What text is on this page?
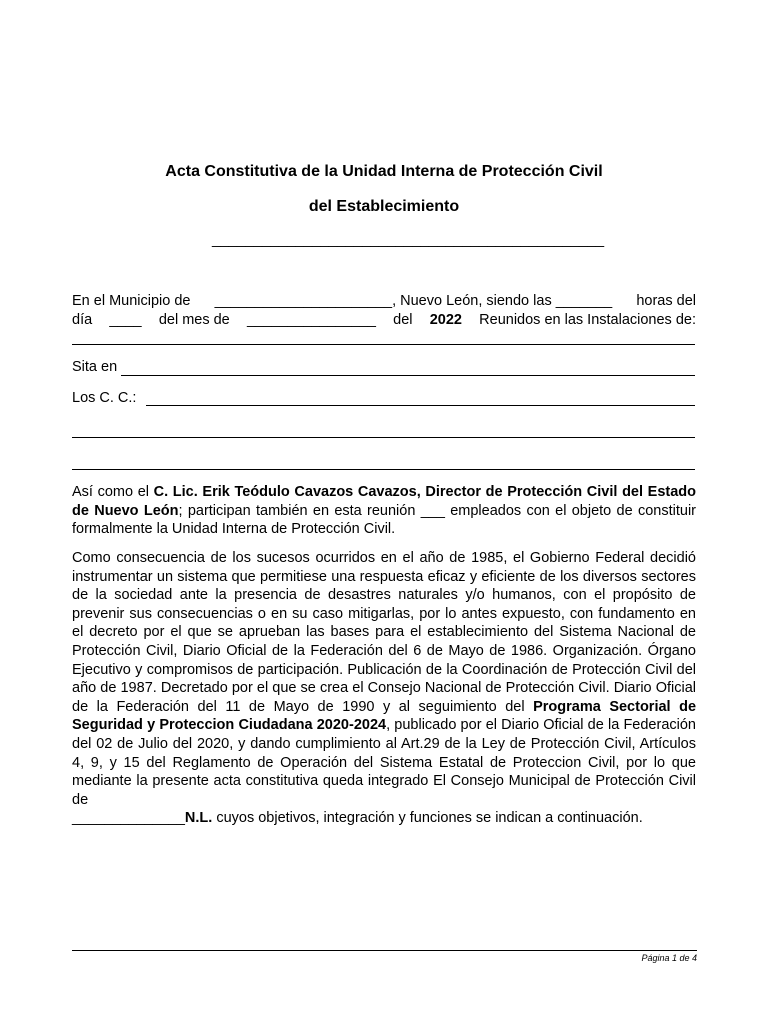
Acta Constitutiva de la Unidad Interna de Protección Civil
del Establecimiento
_______________________________________________
En el Municipio de ______________________, Nuevo León, siendo las _______ horas del
día ____ del mes de ________________ del 2022 Reunidos en las Instalaciones de:
Sita en
Los C. C.:
Así como el C. Lic. Erik Teódulo Cavazos Cavazos, Director de Protección Civil del Estado de Nuevo León; participan también en esta reunión ___ empleados con el objeto de constituir formalmente la Unidad Interna de Protección Civil.
Como consecuencia de los sucesos ocurridos en el año de 1985, el Gobierno Federal decidió instrumentar un sistema que permitiese una respuesta eficaz y eficiente de los diversos sectores de la sociedad ante la presencia de desastres naturales y/o humanos, con el propósito de prevenir sus consecuencias o en su caso mitigarlas, por lo antes expuesto, con fundamento en el decreto por el que se aprueban las bases para el establecimiento del Sistema Nacional de Protección Civil, Diario Oficial de la Federación del 6 de Mayo de 1986. Organización. Órgano Ejecutivo y compromisos de participación. Publicación de la Coordinación de Protección Civil del año de 1987. Decretado por el que se crea el Consejo Nacional de Protección Civil. Diario Oficial de la Federación del 11 de Mayo de 1990 y al seguimiento del Programa Sectorial de Seguridad y Proteccion Ciudadana 2020-2024, publicado por el Diario Oficial de la Federación del 02 de Julio del 2020, y dando cumplimiento al Art.29 de la Ley de Protección Civil, Artículos 4, 9, y 15 del Reglamento de Operación del Sistema Estatal de Proteccion Civil, por lo que mediante la presente acta constitutiva queda integrado El Consejo Municipal de Protección Civil de
______________N.L. cuyos objetivos, integración y funciones se indican a continuación.
Página 1 de 4
